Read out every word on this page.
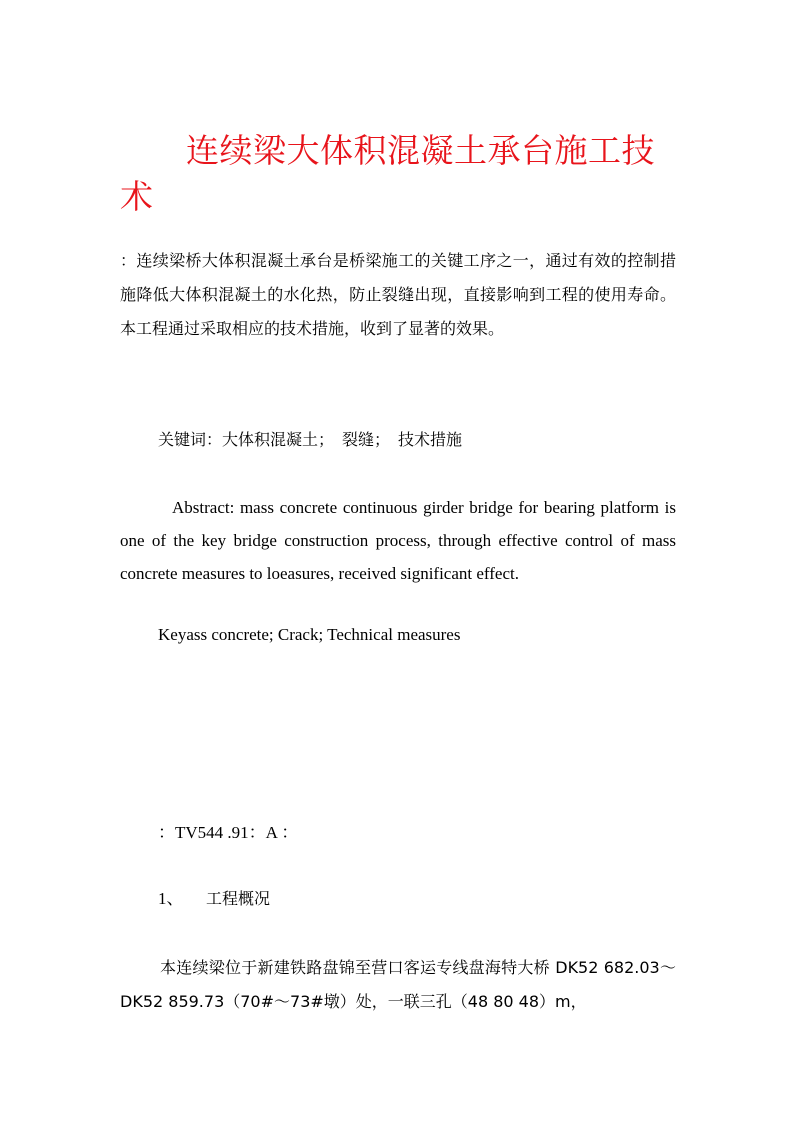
连续梁大体积混凝土承台施工技术

：连续梁桥大体积混凝土承台是桥梁施工的关键工序之一，通过有效的控制措施降低大体积混凝土的水化热，防止裂缝出现，直接影响到工程的使用寿命。本工程通过采取相应的技术措施，收到了显著的效果。

关键词：大体积混凝土；　裂缝；　技术措施

Abstract: mass concrete continuous girder bridge for bearing platform is one of the key bridge construction process, through effective control of mass concrete measures to loeasures, received significant effect.

Keyass concrete; Crack; Technical measures

：TV544 .91：A ：

1、 工程概况

本连续梁位于新建铁路盘锦至营口客运专线盘海特大桥 DK52 682.03～DK52 859.73（70#～73#墩）处，一联三孔（48 80 48）m，
